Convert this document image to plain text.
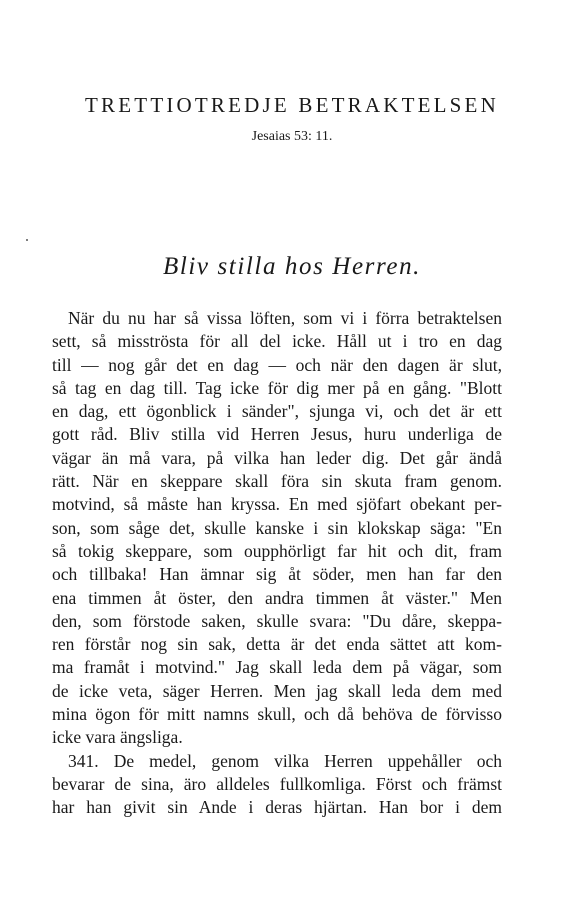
TRETTIOTREDJE BETRAKTELSEN
Jesaias 53: 11.
Bliv stilla hos Herren.
När du nu har så vissa löften, som vi i förra betraktelsen
sett, så misströsta för all del icke. Håll ut i tro en dag
till — nog går det en dag — och när den dagen är slut,
så tag en dag till. Tag icke för dig mer på en gång. "Blott
en dag, ett ögonblick i sänder", sjunga vi, och det är ett
gott råd. Bliv stilla vid Herren Jesus, huru underliga de
vägar än må vara, på vilka han leder dig. Det går ändå
rätt. När en skeppare skall föra sin skuta fram genom.
motvind, så måste han kryssa. En med sjöfart obekant per-
son, som såge det, skulle kanske i sin klokskap säga: "En
så tokig skeppare, som oupphörligt far hit och dit, fram
och tillbaka! Han ämnar sig åt söder, men han far den
ena timmen åt öster, den andra timmen åt väster." Men
den, som förstode saken, skulle svara: "Du dåre, skeppa-
ren förstår nog sin sak, detta är det enda sättet att kom-
ma framåt i motvind." Jag skall leda dem på vägar, som
de icke veta, säger Herren. Men jag skall leda dem med
mina ögon för mitt namns skull, och då behöva de förvisso
icke vara ängsliga.
341. De medel, genom vilka Herren uppehåller och
bevarar de sina, äro alldeles fullkomliga. Först och främst
har han givit sin Ande i deras hjärtan. Han bor i dem
